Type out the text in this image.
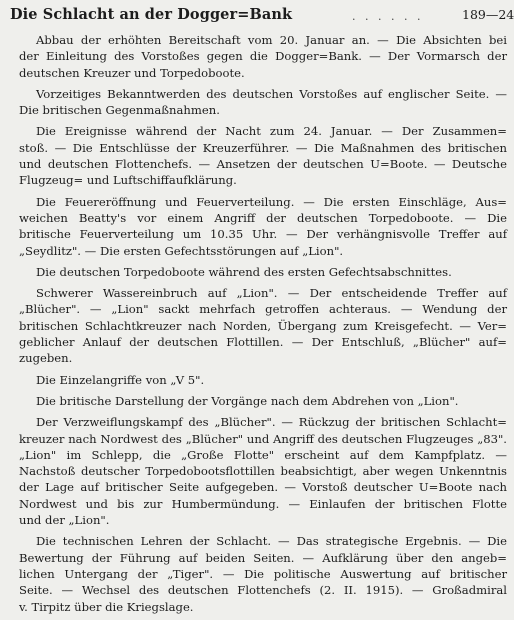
Die Schlacht an der Dogger=Bank	. . . . . .	189—24
Abbau der erhöhten Bereitschaft vom 20. Januar an. — Die Absichten bei
der Einleitung des Vorstoßes gegen die Dogger=Bank. — Der Vormarsch der
deutschen Kreuzer und Torpedoboote.
Vorzeitiges Bekanntwerden des deutschen Vorstoßes auf englischer Seite. —
Die britischen Gegenmaßnahmen.
Die Ereignisse während der Nacht zum 24. Januar. — Der Zusammen=
stoß. — Die Entschlüsse der Kreuzerführer. — Die Maßnahmen des britischen
und deutschen Flottenchefs. — Ansetzen der deutschen U=Boote. — Deutsche
Flugzeug= und Luftschiffaufklärung.
Die Feuereröffnung und Feuerverteilung. — Die ersten Einschläge, Aus=
weichen Beatty's vor einem Angriff der deutschen Torpedoboote. — Die
britische Feuerverteilung um 10.35 Uhr. — Der verhängnisvolle Treffer auf
„Seydlitz". — Die ersten Gefechtsstörungen auf „Lion".
Die deutschen Torpedoboote während des ersten Gefechtsabschnittes.
Schwerer Wassereinbruch auf „Lion". — Der entscheidende Treffer auf
„Blücher". — „Lion" sackt mehrfach getroffen achteraus. — Wendung der
britischen Schlachtkreuzer nach Norden, Übergang zum Kreisgefecht. — Ver=
geblicher Anlauf der deutschen Flottillen. — Der Entschluß, „Blücher" auf=
zugeben.
Die Einzelangriffe von „V 5".
Die britische Darstellung der Vorgänge nach dem Abdrehen von „Lion".
Der Verzweiflungskampf des „Blücher". — Rückzug der britischen Schlacht=
kreuzer nach Nordwest des „Blücher" und Angriff des deutschen Flugzeuges „83".
„Lion" im Schlepp, die „Große Flotte" erscheint auf dem Kampfplatz. —
Nachstoß deutscher Torpedobootsflottillen beabsichtigt, aber wegen Unkenntnis
der Lage auf britischer Seite aufgegeben. — Vorstoß deutscher U=Boote nach
Nordwest und bis zur Humbermündung. — Einlaufen der britischen Flotte
und der „Lion".
Die technischen Lehren der Schlacht. — Das strategische Ergebnis. — Die
Bewertung der Führung auf beiden Seiten. — Aufklärung über den angeb=
lichen Untergang der „Tiger". — Die politische Auswertung auf britischer
Seite. — Wechsel des deutschen Flottenchefs (2. II. 1915). — Großadmiral
v. Tirpitz über die Kriegslage.
